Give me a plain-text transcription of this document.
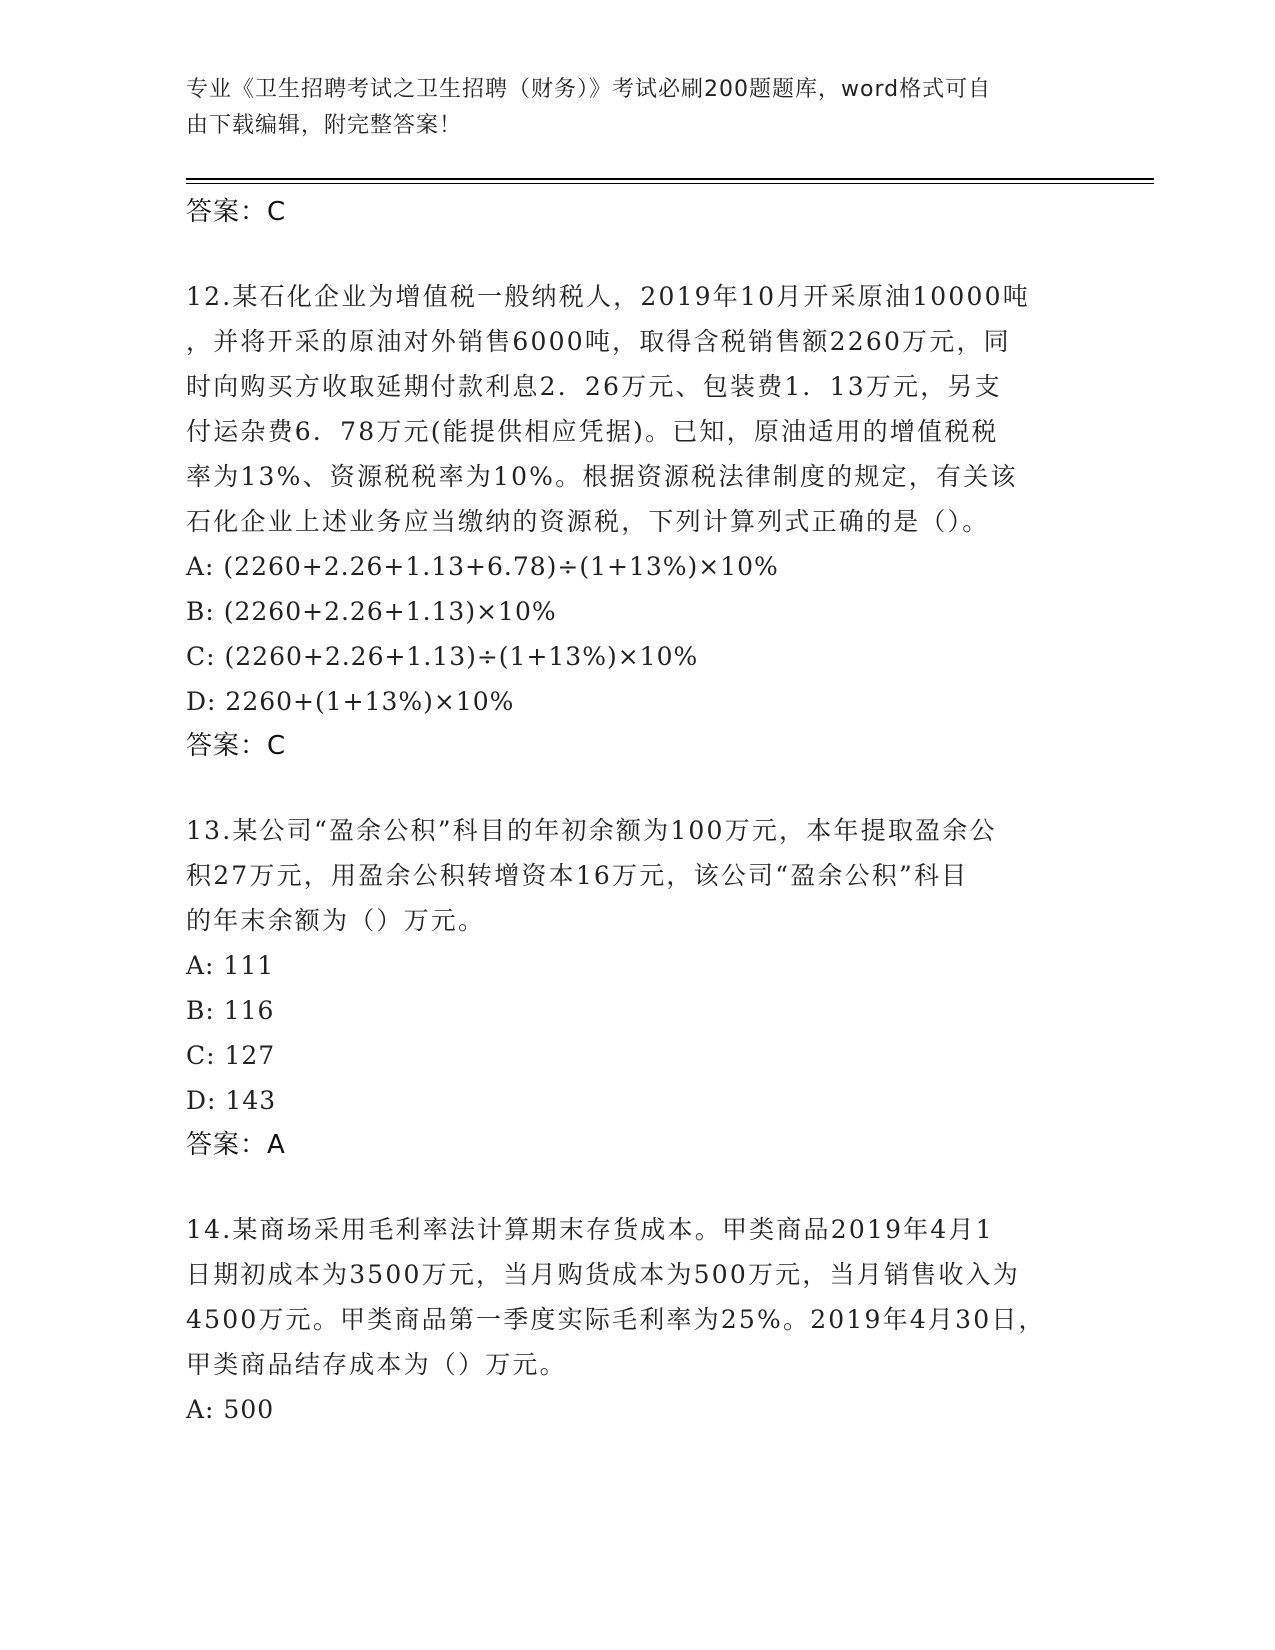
专业《卫生招聘考试之卫生招聘（财务）》考试必刷200题题库，word格式可自
由下载编辑，附完整答案！
答案：C
12.某石化企业为增值税一般纳税人，2019年10月开采原油10000吨
，并将开采的原油对外销售6000吨，取得含税销售额2260万元，同
时向购买方收取延期付款利息2．26万元、包装费1．13万元，另支
付运杂费6．78万元(能提供相应凭据)。已知，原油适用的增值税税
率为13%、资源税税率为10%。根据资源税法律制度的规定，有关该
石化企业上述业务应当缴纳的资源税，下列计算列式正确的是（）。
A: (2260+2.26+1.13+6.78)÷(1+13%)×10%
B: (2260+2.26+1.13)×10%
C: (2260+2.26+1.13)÷(1+13%)×10%
D: 2260+(1+13%)×10%
答案：C
13.某公司“盈余公积”科目的年初余额为100万元，本年提取盈余公
积27万元，用盈余公积转增资本16万元，该公司“盈余公积”科目
的年末余额为（）万元。
A: 111
B: 116
C: 127
D: 143
答案：A
14.某商场采用毛利率法计算期末存货成本。甲类商品2019年4月1
日期初成本为3500万元，当月购货成本为500万元，当月销售收入为
4500万元。甲类商品第一季度实际毛利率为25%。2019年4月30日，
甲类商品结存成本为（）万元。
A: 500
